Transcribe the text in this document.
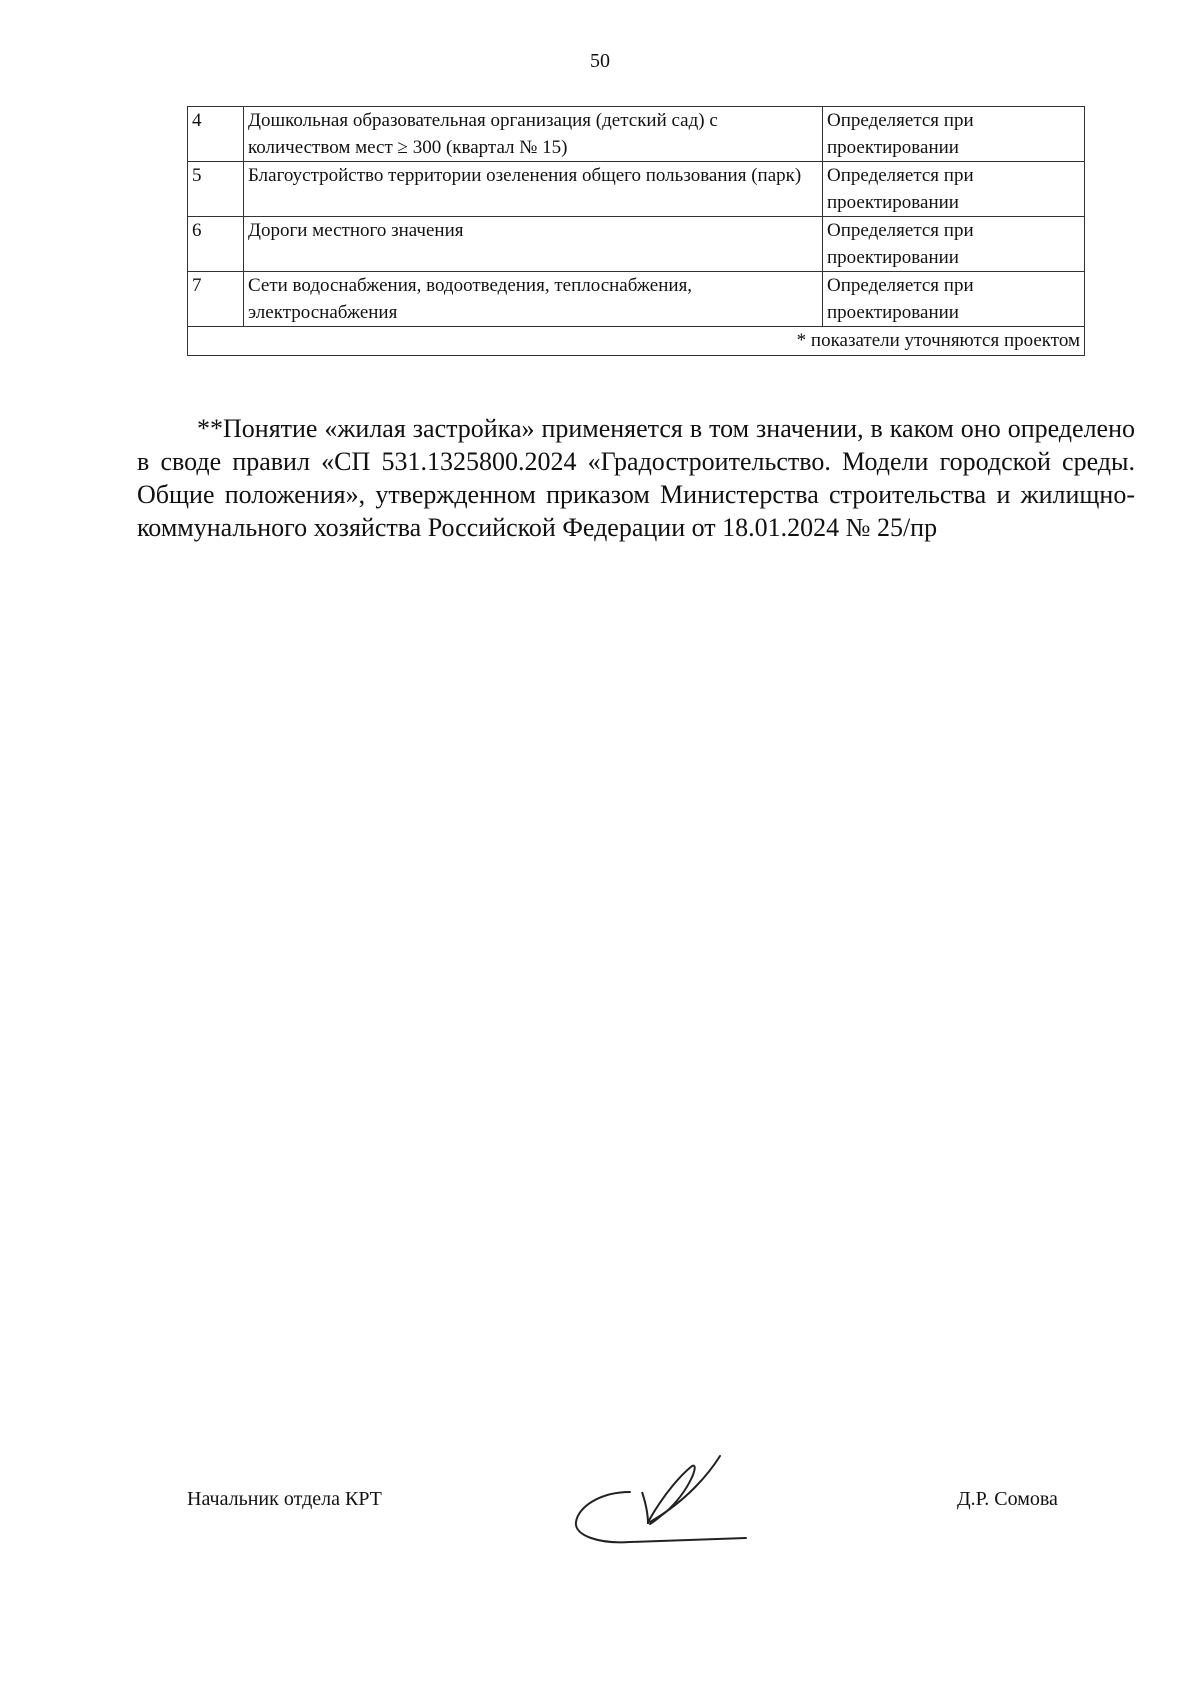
50
4	Дошкольная образовательная организация (детский сад) с количеством мест ≥ 300 (квартал № 15)	Определяется при проектировании
5	Благоустройство территории озеленения общего пользования (парк)	Определяется при проектировании
6	Дороги местного значения	Определяется при проектировании
7	Сети водоснабжения, водоотведения, теплоснабжения, электроснабжения	Определяется при проектировании
* показатели уточняются проектом		

**Понятие «жилая застройка» применяется в том значении, в каком оно определено в своде правил «СП 531.1325800.2024 «Градостроительство. Модели городской среды. Общие положения», утвержденном приказом Министерства строительства и жилищно-коммунального хозяйства Российской Федерации от 18.01.2024 № 25/пр

Начальник отдела КРТ	Д.Р. Сомова
